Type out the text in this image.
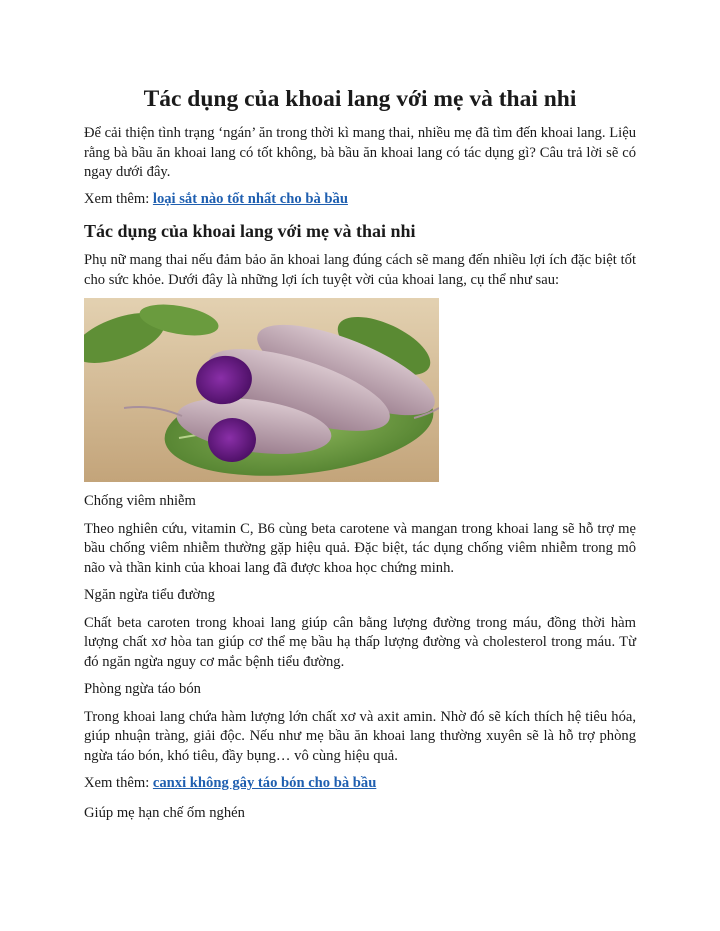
Tác dụng của khoai lang với mẹ và thai nhi

Để cải thiện tình trạng ‘ngán’ ăn trong thời kì mang thai, nhiều mẹ đã tìm đến khoai lang. Liệu rằng bà bầu ăn khoai lang có tốt không, bà bầu ăn khoai lang có tác dụng gì? Câu trả lời sẽ có ngay dưới đây.

Xem thêm: loại sắt nào tốt nhất cho bà bầu

Tác dụng của khoai lang với mẹ và thai nhi

Phụ nữ mang thai nếu đảm bảo ăn khoai lang đúng cách sẽ mang đến nhiều lợi ích đặc biệt tốt cho sức khỏe. Dưới đây là những lợi ích tuyệt vời của khoai lang, cụ thể như sau:

Chống viêm nhiễm

Theo nghiên cứu, vitamin C, B6 cùng beta carotene và mangan trong khoai lang sẽ hỗ trợ mẹ bầu chống viêm nhiễm thường gặp hiệu quả. Đặc biệt, tác dụng chống viêm nhiễm trong mô não và thần kinh của khoai lang đã được khoa học chứng minh.

Ngăn ngừa tiểu đường

Chất beta caroten trong khoai lang giúp cân bằng lượng đường trong máu, đồng thời hàm lượng chất xơ hòa tan giúp cơ thể mẹ bầu hạ thấp lượng đường và cholesterol trong máu. Từ đó ngăn ngừa nguy cơ mắc bệnh tiểu đường.

Phòng ngừa táo bón

Trong khoai lang chứa hàm lượng lớn chất xơ và axit amin. Nhờ đó sẽ kích thích hệ tiêu hóa, giúp nhuận tràng, giải độc. Nếu như mẹ bầu ăn khoai lang thường xuyên sẽ là hỗ trợ phòng ngừa táo bón, khó tiêu, đầy bụng… vô cùng hiệu quả.

Xem thêm: canxi không gây táo bón cho bà bầu

Giúp mẹ hạn chế ốm nghén
